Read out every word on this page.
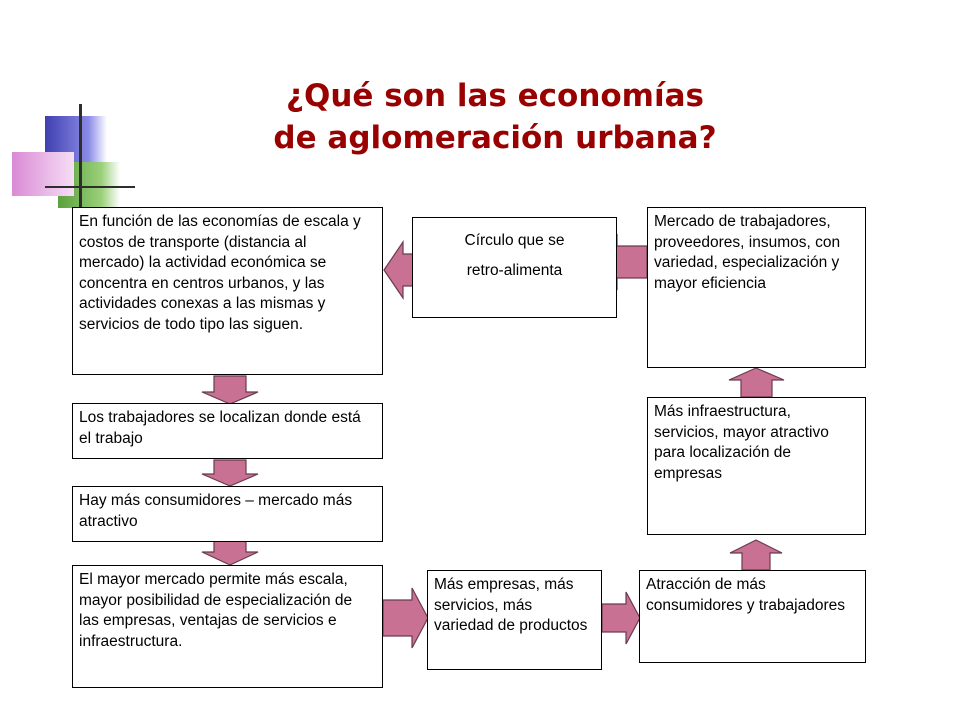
¿Qué son las economías
de aglomeración urbana?
En función de las economías de escala y costos de transporte (distancia al mercado) la actividad económica se concentra en centros urbanos, y las actividades conexas a las mismas y servicios de todo tipo las siguen.
Los trabajadores se localizan donde está el trabajo
Hay más consumidores – mercado más atractivo
El mayor mercado permite más escala, mayor posibilidad de especialización de las empresas, ventajas de servicios e infraestructura.
Más empresas, más servicios, más variedad de productos
Atracción de más consumidores y trabajadores
Más infraestructura, servicios, mayor atractivo para localización de empresas
Mercado de trabajadores, proveedores, insumos, con variedad, especialización y mayor eficiencia
Círculo que se
retro-alimenta
